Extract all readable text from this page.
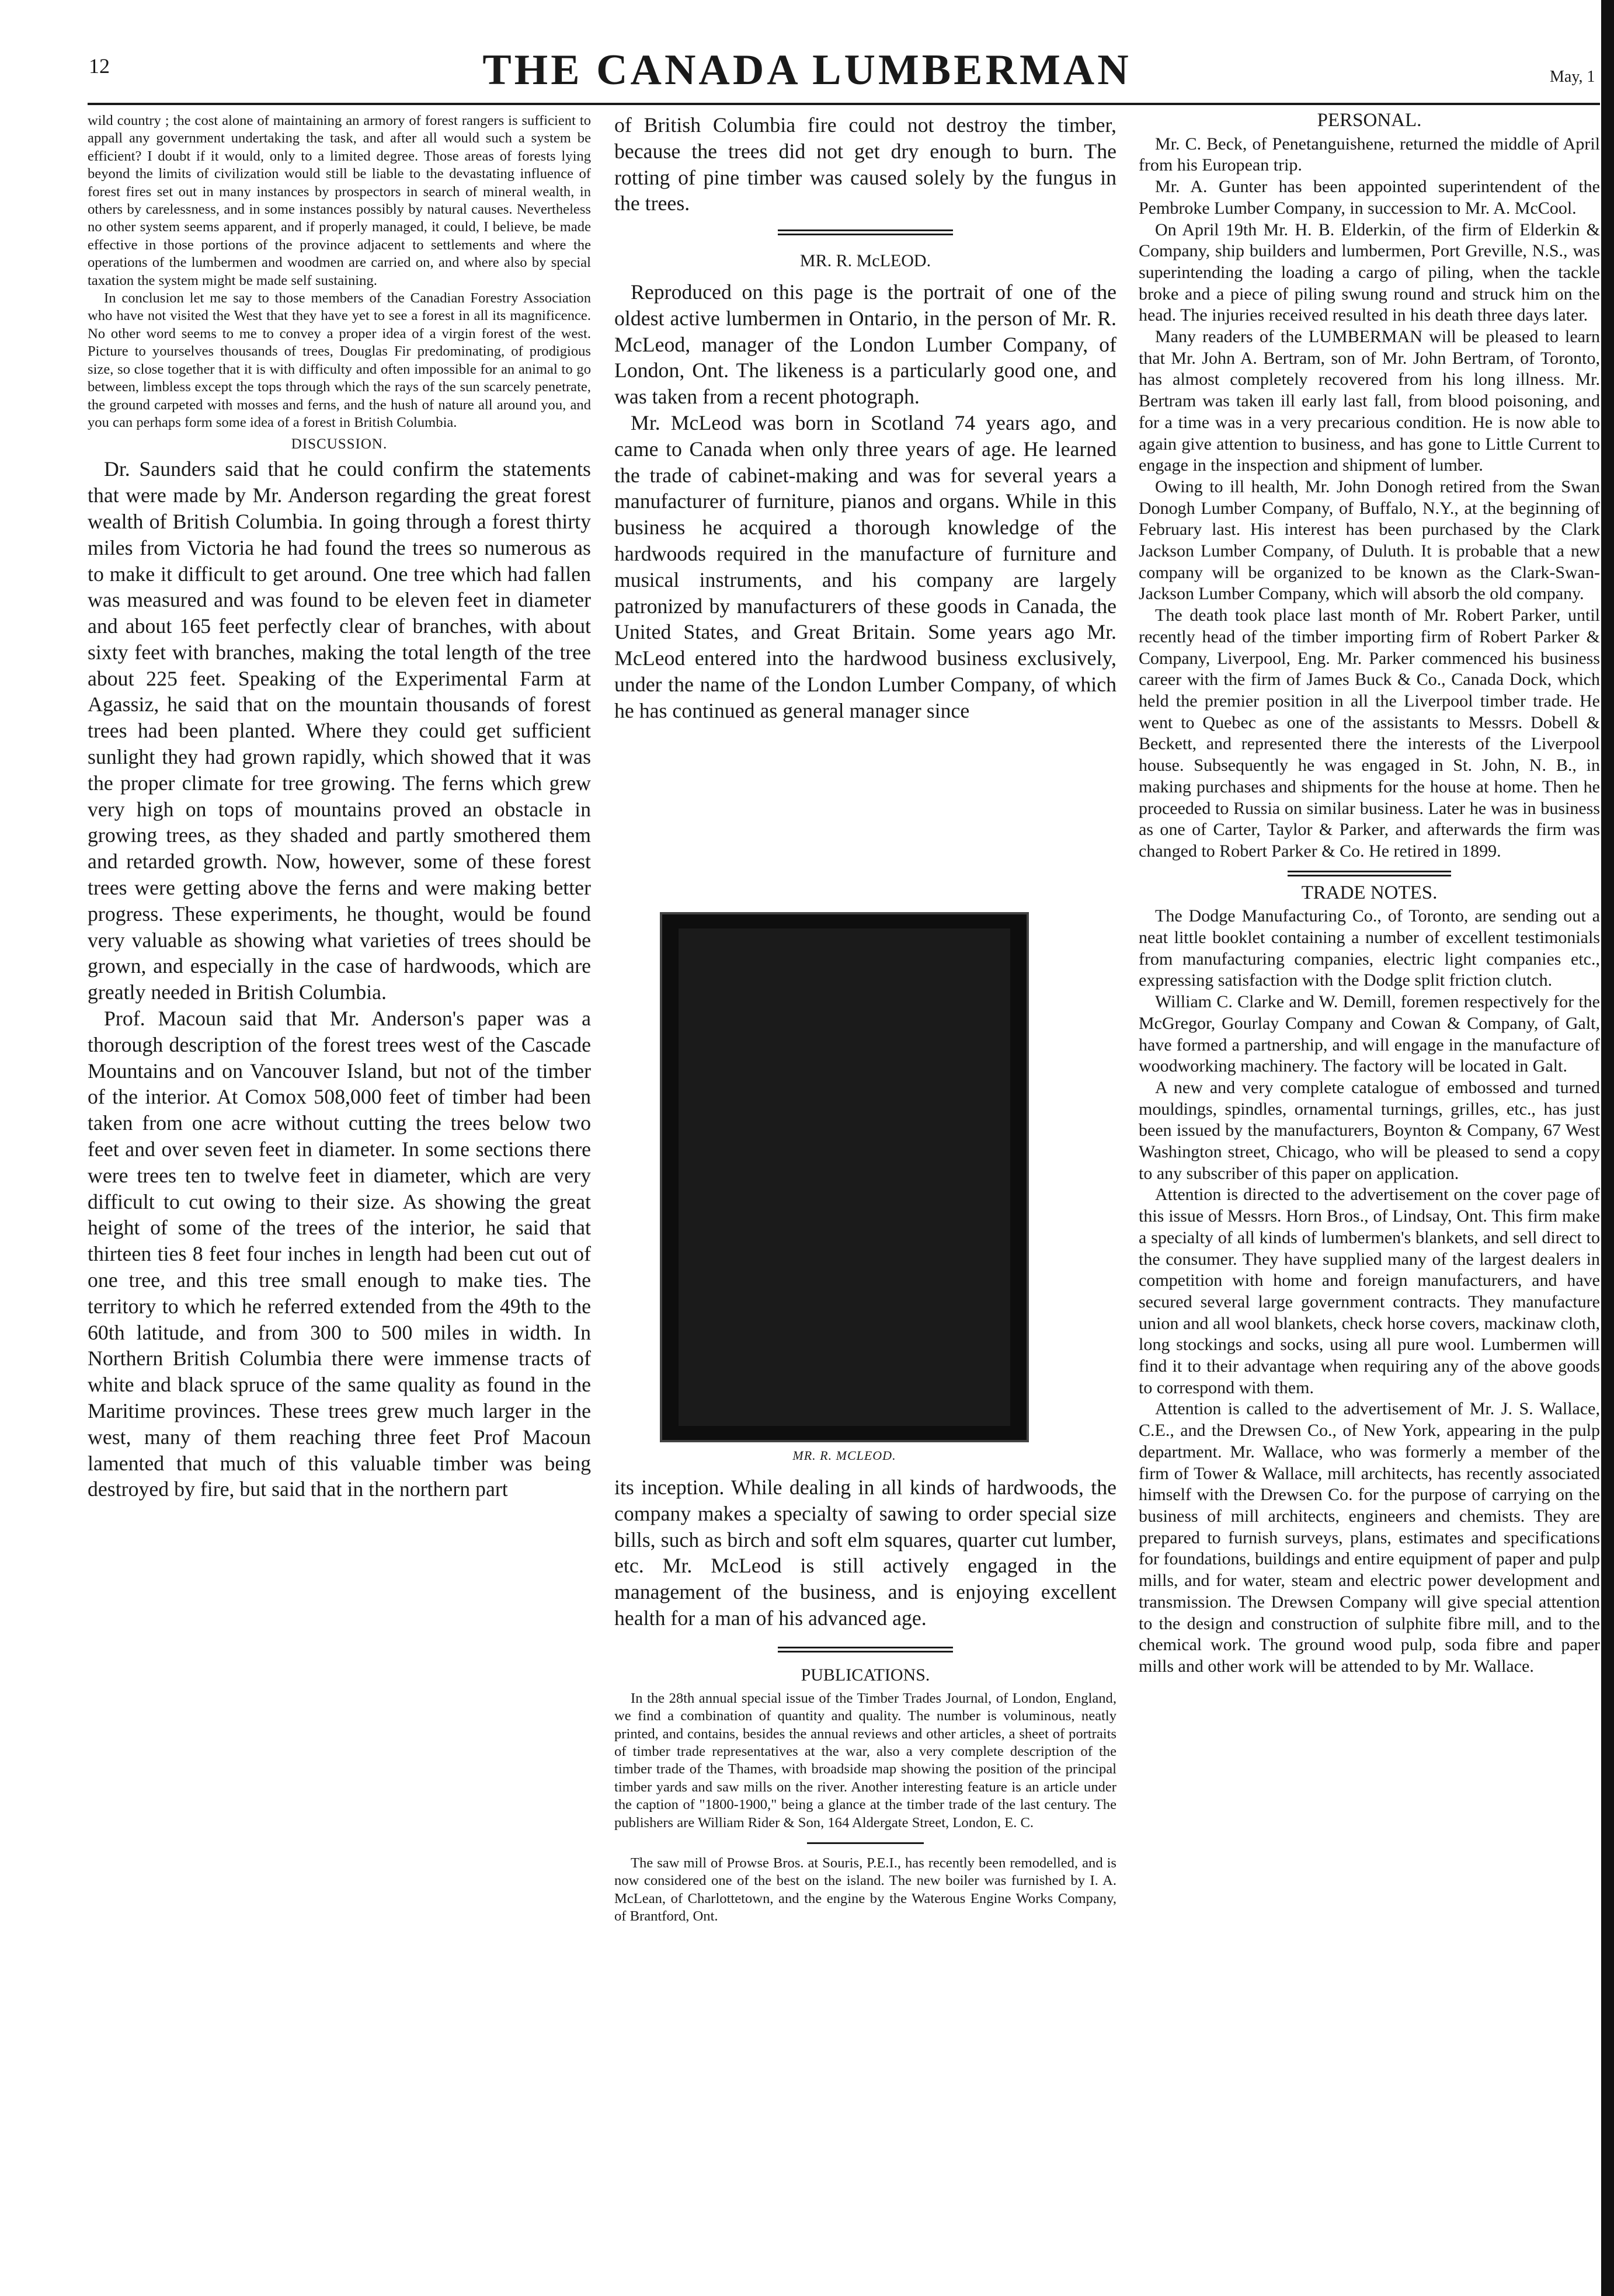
12	THE CANADA LUMBERMAN	May, 1

wild country ; the cost alone of maintaining an armory of forest rangers is sufficient to appall any government undertaking the task, and after all would such a system be efficient? I doubt if it would, only to a limited degree. Those areas of forests lying beyond the limits of civilization would still be liable to the devastating influence of forest fires set out in many instances by prospectors in search of mineral wealth, in others by carelessness, and in some instances possibly by natural causes. Nevertheless no other system seems apparent, and if properly managed, it could, I believe, be made effective in those portions of the province adjacent to settlements and where the operations of the lumbermen and woodmen are carried on, and where also by special taxation the system might be made self sustaining.

In conclusion let me say to those members of the Canadian Forestry Association who have not visited the West that they have yet to see a forest in all its magnificence. No other word seems to me to convey a proper idea of a virgin forest of the west. Picture to yourselves thousands of trees, Douglas Fir predominating, of prodigious size, so close together that it is with difficulty and often impossible for an animal to go between, limbless except the tops through which the rays of the sun scarcely penetrate, the ground carpeted with mosses and ferns, and the hush of nature all around you, and you can perhaps form some idea of a forest in British Columbia.

DISCUSSION.

Dr. Saunders said that he could confirm the statements that were made by Mr. Anderson regarding the great forest wealth of British Columbia. In going through a forest thirty miles from Victoria he had found the trees so numerous as to make it difficult to get around. One tree which had fallen was measured and was found to be eleven feet in diameter and about 165 feet perfectly clear of branches, with about sixty feet with branches, making the total length of the tree about 225 feet. Speaking of the Experimental Farm at Agassiz, he said that on the mountain thousands of forest trees had been planted. Where they could get sufficient sunlight they had grown rapidly, which showed that it was the proper climate for tree growing. The ferns which grew very high on tops of mountains proved an obstacle in growing trees, as they shaded and partly smothered them and retarded growth. Now, however, some of these forest trees were getting above the ferns and were making better progress. These experiments, he thought, would be found very valuable as showing what varieties of trees should be grown, and especially in the case of hardwoods, which are greatly needed in British Columbia.

Prof. Macoun said that Mr. Anderson's paper was a thorough description of the forest trees west of the Cascade Mountains and on Vancouver Island, but not of the timber of the interior. At Comox 508,000 feet of timber had been taken from one acre without cutting the trees below two feet and over seven feet in diameter. In some sections there were trees ten to twelve feet in diameter, which are very difficult to cut owing to their size. As showing the great height of some of the trees of the interior, he said that thirteen ties 8 feet four inches in length had been cut out of one tree, and this tree small enough to make ties. The territory to which he referred extended from the 49th to the 60th latitude, and from 300 to 500 miles in width. In Northern British Columbia there were immense tracts of white and black spruce of the same quality as found in the Maritime provinces. These trees grew much larger in the west, many of them reaching three feet Prof Macoun lamented that much of this valuable timber was being destroyed by fire, but said that in the northern part

of British Columbia fire could not destroy the timber, because the trees did not get dry enough to burn. The rotting of pine timber was caused solely by the fungus in the trees.

MR. R. McLEOD.

Reproduced on this page is the portrait of one of the oldest active lumbermen in Ontario, in the person of Mr. R. McLeod, manager of the London Lumber Company, of London, Ont. The likeness is a particularly good one, and was taken from a recent photograph.

Mr. McLeod was born in Scotland 74 years ago, and came to Canada when only three years of age. He learned the trade of cabinet-making and was for several years a manufacturer of furniture, pianos and organs. While in this business he acquired a thorough knowledge of the hardwoods required in the manufacture of furniture and musical instruments, and his company are largely patronized by manufacturers of these goods in Canada, the United States, and Great Britain. Some years ago Mr. McLeod entered into the hardwood business exclusively, under the name of the London Lumber Company, of which he has continued as general manager since

MR. R. MCLEOD.

its inception. While dealing in all kinds of hardwoods, the company makes a specialty of sawing to order special size bills, such as birch and soft elm squares, quarter cut lumber, etc. Mr. McLeod is still actively engaged in the management of the business, and is enjoying excellent health for a man of his advanced age.

PUBLICATIONS.

In the 28th annual special issue of the Timber Trades Journal, of London, England, we find a combination of quantity and quality. The number is voluminous, neatly printed, and contains, besides the annual reviews and other articles, a sheet of portraits of timber trade representatives at the war, also a very complete description of the timber trade of the Thames, with broadside map showing the position of the principal timber yards and saw mills on the river. Another interesting feature is an article under the caption of "1800-1900," being a glance at the timber trade of the last century. The publishers are William Rider & Son, 164 Aldergate Street, London, E. C.

The saw mill of Prowse Bros. at Souris, P.E.I., has recently been remodelled, and is now considered one of the best on the island. The new boiler was furnished by I. A. McLean, of Charlottetown, and the engine by the Waterous Engine Works Company, of Brantford, Ont.

PERSONAL.

Mr. C. Beck, of Penetanguishene, returned the middle of April from his European trip.

Mr. A. Gunter has been appointed superintendent of the Pembroke Lumber Company, in succession to Mr. A. McCool.

On April 19th Mr. H. B. Elderkin, of the firm of Elderkin & Company, ship builders and lumbermen, Port Greville, N.S., was superintending the loading a cargo of piling, when the tackle broke and a piece of piling swung round and struck him on the head. The injuries received resulted in his death three days later.

Many readers of the LUMBERMAN will be pleased to learn that Mr. John A. Bertram, son of Mr. John Bertram, of Toronto, has almost completely recovered from his long illness. Mr. Bertram was taken ill early last fall, from blood poisoning, and for a time was in a very precarious condition. He is now able to again give attention to business, and has gone to Little Current to engage in the inspection and shipment of lumber.

Owing to ill health, Mr. John Donogh retired from the Swan Donogh Lumber Company, of Buffalo, N.Y., at the beginning of February last. His interest has been purchased by the Clark Jackson Lumber Company, of Duluth. It is probable that a new company will be organized to be known as the Clark-Swan-Jackson Lumber Company, which will absorb the old company.

The death took place last month of Mr. Robert Parker, until recently head of the timber importing firm of Robert Parker & Company, Liverpool, Eng. Mr. Parker commenced his business career with the firm of James Buck & Co., Canada Dock, which held the premier position in all the Liverpool timber trade. He went to Quebec as one of the assistants to Messrs. Dobell & Beckett, and represented there the interests of the Liverpool house. Subsequently he was engaged in St. John, N. B., in making purchases and shipments for the house at home. Then he proceeded to Russia on similar business. Later he was in business as one of Carter, Taylor & Parker, and afterwards the firm was changed to Robert Parker & Co. He retired in 1899.

TRADE NOTES.

The Dodge Manufacturing Co., of Toronto, are sending out a neat little booklet containing a number of excellent testimonials from manufacturing companies, electric light companies etc., expressing satisfaction with the Dodge split friction clutch.

William C. Clarke and W. Demill, foremen respectively for the McGregor, Gourlay Company and Cowan & Company, of Galt, have formed a partnership, and will engage in the manufacture of woodworking machinery. The factory will be located in Galt.

A new and very complete catalogue of embossed and turned mouldings, spindles, ornamental turnings, grilles, etc., has just been issued by the manufacturers, Boynton & Company, 67 West Washington street, Chicago, who will be pleased to send a copy to any subscriber of this paper on application.

Attention is directed to the advertisement on the cover page of this issue of Messrs. Horn Bros., of Lindsay, Ont. This firm make a specialty of all kinds of lumbermen's blankets, and sell direct to the consumer. They have supplied many of the largest dealers in competition with home and foreign manufacturers, and have secured several large government contracts. They manufacture union and all wool blankets, check horse covers, mackinaw cloth, long stockings and socks, using all pure wool. Lumbermen will find it to their advantage when requiring any of the above goods to correspond with them.

Attention is called to the advertisement of Mr. J. S. Wallace, C.E., and the Drewsen Co., of New York, appearing in the pulp department. Mr. Wallace, who was formerly a member of the firm of Tower & Wallace, mill architects, has recently associated himself with the Drewsen Co. for the purpose of carrying on the business of mill architects, engineers and chemists. They are prepared to furnish surveys, plans, estimates and specifications for foundations, buildings and entire equipment of paper and pulp mills, and for water, steam and electric power development and transmission. The Drewsen Company will give special attention to the design and construction of sulphite fibre mill, and to the chemical work. The ground wood pulp, soda fibre and paper mills and other work will be attended to by Mr. Wallace.
